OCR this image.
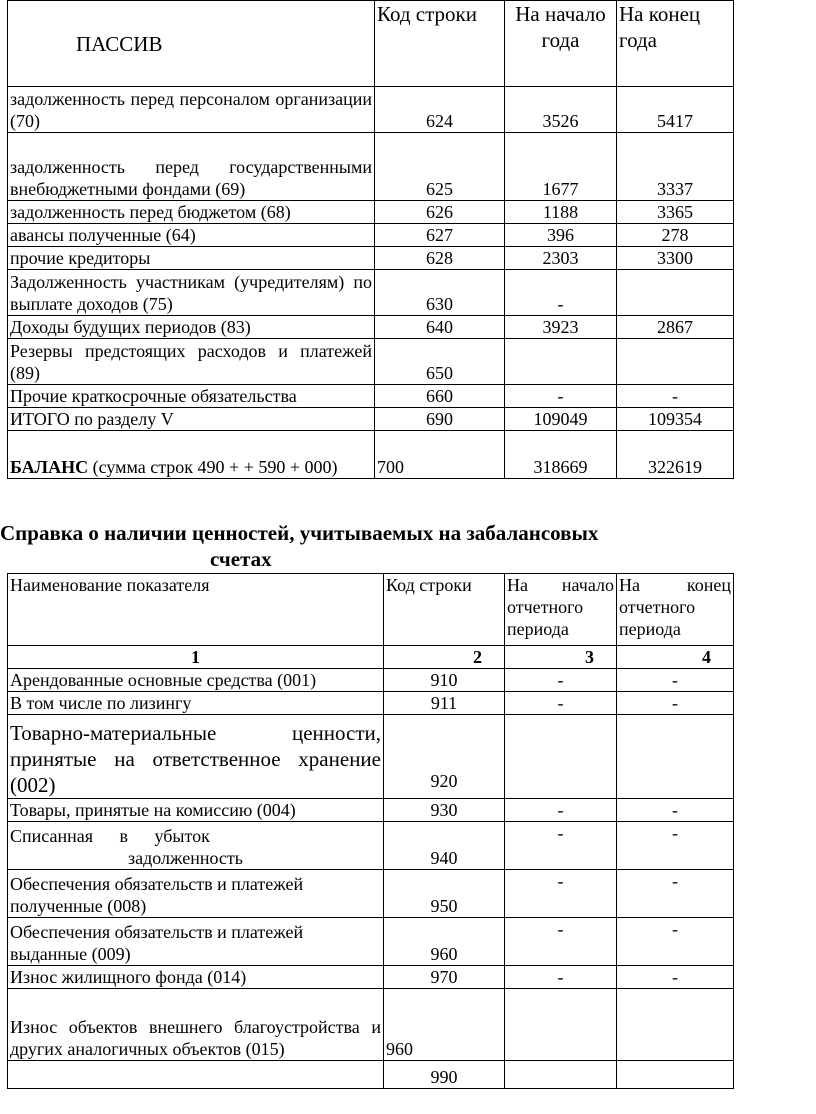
ПАССИВ	Код строки	На начало года	На конец года
задолженность перед персоналом организации (70)	624	3526	5417
задолженность перед государственными внебюджетными фондами (69)	625	1677	3337
задолженность перед бюджетом (68)	626	1188	3365
авансы полученные (64)	627	396	278
прочие кредиторы	628	2303	3300
Задолженность участникам (учредителям) по выплате доходов (75)	630	-	
Доходы будущих периодов (83)	640	3923	2867
Резервы предстоящих расходов и платежей (89)	650		
Прочие краткосрочные обязательства	660	-	-
ИТОГО по разделу V	690	109049	109354
БАЛАНС (сумма строк 490 + + 590 + 000)	700	318669	322619
Справка о наличии ценностей, учитываемых на забалансовых
счетах
Наименование показателя	Код строки	На начало отчетного периода	На конец отчетного периода
1	2	3	4
Арендованные основные средства (001)	910	-	-
В том числе по лизингу	911	-	-
Товарно-материальные ценности, принятые на ответственное хранение (002)	920		
Товары, принятые на комиссию (004)	930	-	-

Списанная в убыток
задолженность	940	-	-
Обеспечения обязательств и платежей полученные (008)	950	-	-
Обеспечения обязательств и платежей выданные (009)	960	-	-
Износ жилищного фонда (014)	970	-	-
Износ объектов внешнего благоустройства и других аналогичных объектов (015)	960		
	990		
